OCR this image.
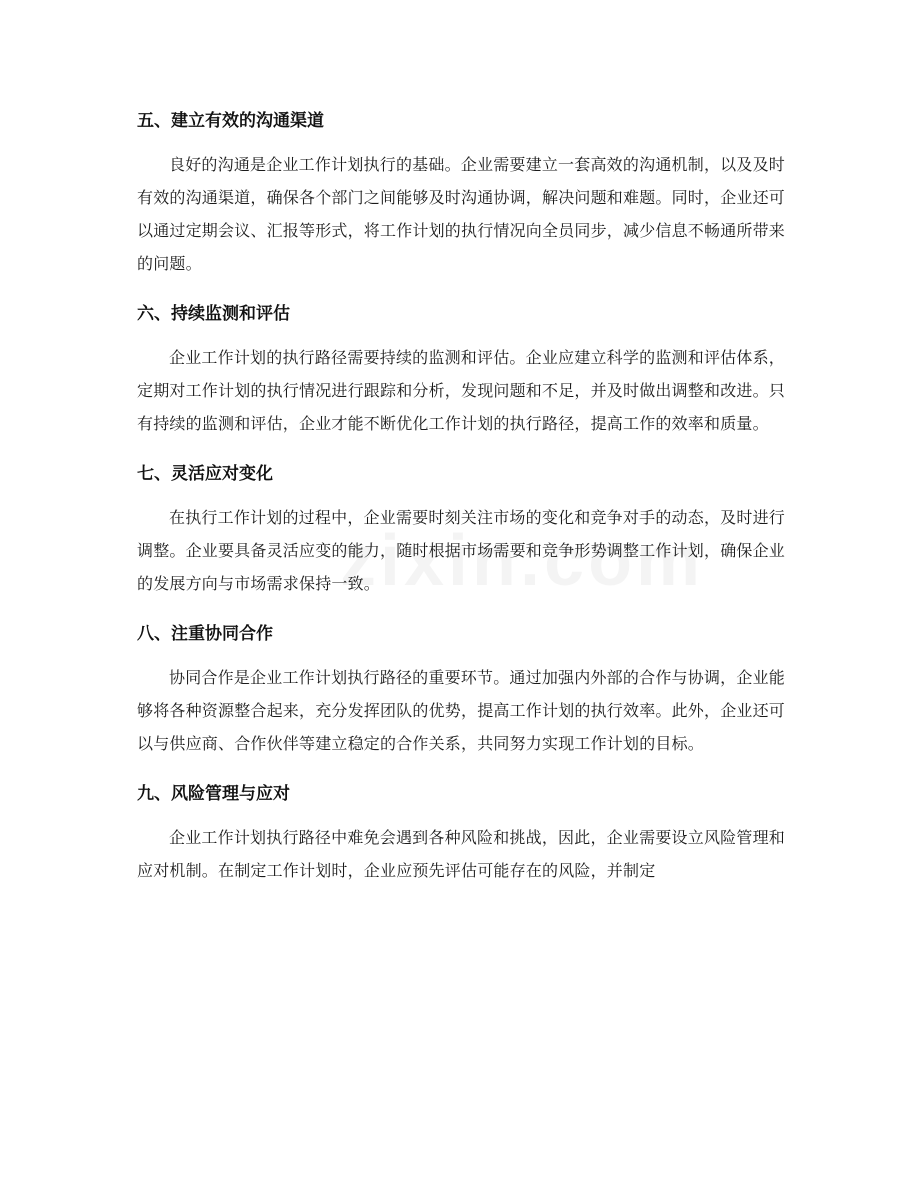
五、建立有效的沟通渠道

良好的沟通是企业工作计划执行的基础。企业需要建立一套高效的沟通机制，以及及时有效的沟通渠道，确保各个部门之间能够及时沟通协调，解决问题和难题。同时，企业还可以通过定期会议、汇报等形式，将工作计划的执行情况向全员同步，减少信息不畅通所带来的问题。

六、持续监测和评估

企业工作计划的执行路径需要持续的监测和评估。企业应建立科学的监测和评估体系，定期对工作计划的执行情况进行跟踪和分析，发现问题和不足，并及时做出调整和改进。只有持续的监测和评估，企业才能不断优化工作计划的执行路径，提高工作的效率和质量。

七、灵活应对变化

在执行工作计划的过程中，企业需要时刻关注市场的变化和竞争对手的动态，及时进行调整。企业要具备灵活应变的能力，随时根据市场需要和竞争形势调整工作计划，确保企业的发展方向与市场需求保持一致。

八、注重协同合作

协同合作是企业工作计划执行路径的重要环节。通过加强内外部的合作与协调，企业能够将各种资源整合起来，充分发挥团队的优势，提高工作计划的执行效率。此外，企业还可以与供应商、合作伙伴等建立稳定的合作关系，共同努力实现工作计划的目标。

九、风险管理与应对

企业工作计划执行路径中难免会遇到各种风险和挑战，因此，企业需要设立风险管理和应对机制。在制定工作计划时，企业应预先评估可能存在的风险，并制定
